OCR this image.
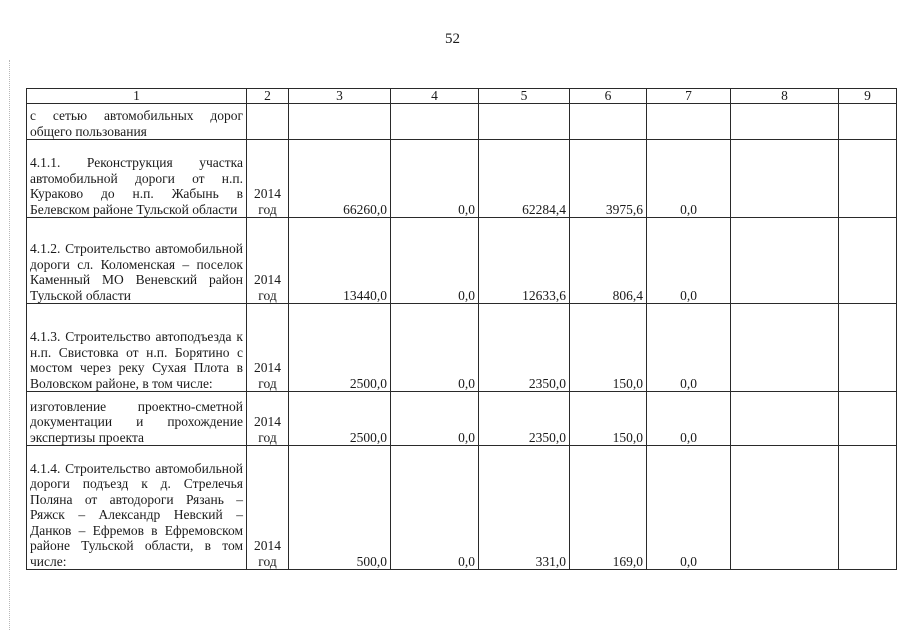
52
1	2	3	4	5	6	7	8	9
с сетью автомобильных дорог общего пользования								
4.1.1. Реконструкция участка автомобильной дороги от н.п. Кураково до н.п. Жабынь в Белевском районе Тульской области	2014 год	66260,0	0,0	62284,4	3975,6	0,0		
4.1.2. Строительство автомобильной дороги сл. Коломенская – поселок Каменный МО Веневский район Тульской области	2014 год	13440,0	0,0	12633,6	806,4	0,0		
4.1.3. Строительство автоподъезда к н.п. Свистовка от н.п. Борятино с мостом через реку Сухая Плота в Воловском районе, в том числе:	2014 год	2500,0	0,0	2350,0	150,0	0,0		
изготовление проектно-сметной документации и прохождение экспертизы проекта	2014 год	2500,0	0,0	2350,0	150,0	0,0		
4.1.4. Строительство автомобильной дороги подъезд к д. Стрелечья Поляна от автодороги Рязань – Ряжск – Александр Невский – Данков – Ефремов в Ефремовском районе Тульской области, в том числе:	2014 год	500,0	0,0	331,0	169,0	0,0		
